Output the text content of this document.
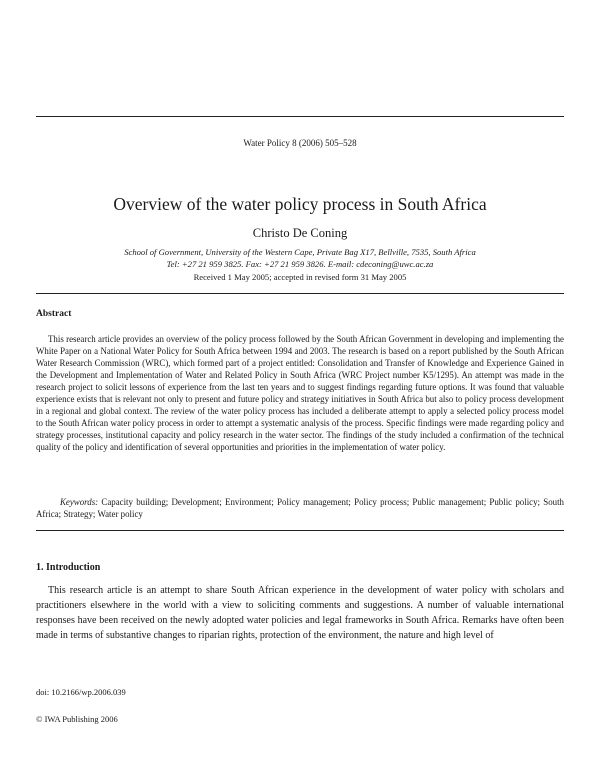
Water Policy 8 (2006) 505–528
Overview of the water policy process in South Africa
Christo De Coning
School of Government, University of the Western Cape, Private Bag X17, Bellville, 7535, South Africa
Tel: +27 21 959 3825. Fax: +27 21 959 3826. E-mail: cdeconing@uwc.ac.za
Received 1 May 2005; accepted in revised form 31 May 2005
Abstract
This research article provides an overview of the policy process followed by the South African Government in developing and implementing the White Paper on a National Water Policy for South Africa between 1994 and 2003. The research is based on a report published by the South African Water Research Commission (WRC), which formed part of a project entitled: Consolidation and Transfer of Knowledge and Experience Gained in the Development and Implementation of Water and Related Policy in South Africa (WRC Project number K5/1295). An attempt was made in the research project to solicit lessons of experience from the last ten years and to suggest findings regarding future options. It was found that valuable experience exists that is relevant not only to present and future policy and strategy initiatives in South Africa but also to policy process development in a regional and global context. The review of the water policy process has included a deliberate attempt to apply a selected policy process model to the South African water policy process in order to attempt a systematic analysis of the process. Specific findings were made regarding policy and strategy processes, institutional capacity and policy research in the water sector. The findings of the study included a confirmation of the technical quality of the policy and identification of several opportunities and priorities in the implementation of water policy.
Keywords: Capacity building; Development; Environment; Policy management; Policy process; Public management; Public policy; South Africa; Strategy; Water policy
1. Introduction
This research article is an attempt to share South African experience in the development of water policy with scholars and practitioners elsewhere in the world with a view to soliciting comments and suggestions. A number of valuable international responses have been received on the newly adopted water policies and legal frameworks in South Africa. Remarks have often been made in terms of substantive changes to riparian rights, protection of the environment, the nature and high level of
doi: 10.2166/wp.2006.039
© IWA Publishing 2006
